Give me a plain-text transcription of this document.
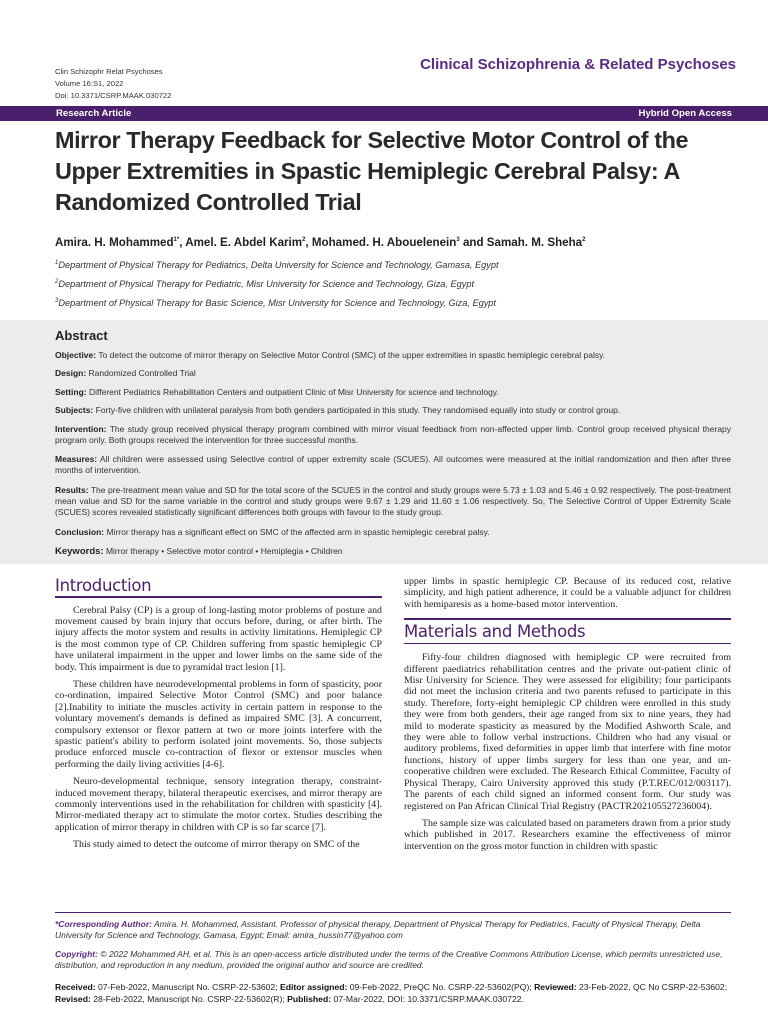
Clin Schizophr Relat Psychoses
Volume 16:S1, 2022
Doi: 10.3371/CSRP.MAAK.030722
Clinical Schizophrenia & Related Psychoses
Research Article	Hybrid Open Access
Mirror Therapy Feedback for Selective Motor Control of the Upper Extremities in Spastic Hemiplegic Cerebral Palsy: A Randomized Controlled Trial
Amira. H. Mohammed$^{1*}$, Amel. E. Abdel Karim$^2$, Mohamed. H. Abouelenein$^3$ and Samah. M. Sheha$^2$
$^1$Department of Physical Therapy for Pediatrics, Delta University for Science and Technology, Gamasa, Egypt
$^2$Department of Physical Therapy for Pediatric, Misr University for Science and Technology, Giza, Egypt
$^3$Department of Physical Therapy for Basic Science, Misr University for Science and Technology, Giza, Egypt
Abstract

Objective: To detect the outcome of mirror therapy on Selective Motor Control (SMC) of the upper extremities in spastic hemiplegic cerebral palsy.

Design: Randomized Controlled Trial

Setting: Different Pediatrics Rehabilitation Centers and outpatient Clinic of Misr University for science and technology.

Subjects: Forty-five children with unilateral paralysis from both genders participated in this study. They randomised equally into study or control group.

Intervention: The study group received physical therapy program combined with mirror visual feedback from non-affected upper limb. Control group received physical therapy program only. Both groups received the intervention for three successful months.

Measures: All children were assessed using Selective control of upper extremity scale (SCUES). All outcomes were measured at the initial randomization and then after three months of intervention.

Results: The pre-treatment mean value and SD for the total score of the SCUES in the control and study groups were 5.73 ± 1.03 and 5.46 ± 0.92 respectively. The post-treatment mean value and SD for the same variable in the control and study groups were 9.67 ± 1.29 and 11.60 ± 1.06 respectively. So, The Selective Control of Upper Extremity Scale (SCUES) scores revealed statistically significant differences both groups with favour to the study group.

Conclusion: Mirror therapy has a significant effect on SMC of the affected arm in spastic hemiplegic cerebral palsy.

Keywords: Mirror therapy • Selective motor control • Hemiplegia • Children

Introduction

Cerebral Palsy (CP) is a group of long-lasting motor problems of posture and movement caused by brain injury that occurs before, during, or after birth. The injury affects the motor system and results in activity limitations. Hemiplegic CP is the most common type of CP. Children suffering from spastic hemiplegic CP have unilateral impairment in the upper and lower limbs on the same side of the body. This impairment is due to pyramidal tract lesion [1].

These children have neurodevelopmental problems in form of spasticity, poor co-ordination, impaired Selective Motor Control (SMC) and poor balance [2].Inability to initiate the muscles activity in certain pattern in response to the voluntary movement's demands is defined as impaired SMC [3]. A concurrent, compulsory extensor or flexor pattern at two or more joints interfere with the spastic patient's ability to perform isolated joint movements. So, those subjects produce enforced muscle co-contraction of flexor or extensor muscles when performing the daily living activities [4-6].

Neuro-developmental technique, sensory integration therapy, constraint-induced movement therapy, bilateral therapeutic exercises, and mirror therapy are commonly interventions used in the rehabilitation for children with spasticity [4]. Mirror-mediated therapy act to stimulate the motor cortex. Studies describing the application of mirror therapy in children with CP is so far scarce [7].

This study aimed to detect the outcome of mirror therapy on SMC of the

upper limbs in spastic hemiplegic CP. Because of its reduced cost, relative simplicity, and high patient adherence, it could be a valuable adjunct for children with hemiparesis as a home-based motor intervention.

Materials and Methods

Fifty-four children diagnosed with hemiplegic CP were recruited from different paediatrics rehabilitation centres and the private out-patient clinic of Misr University for Science. They were assessed for eligibility; four participants did not meet the inclusion criteria and two parents refused to participate in this study. Therefore, forty-eight hemiplegic CP children were enrolled in this study they were from both genders, their age ranged from six to nine years, they had mild to moderate spasticity as measured by the Modified Ashworth Scale, and they were able to follow verbal instructions. Children who had any visual or auditory problems, fixed deformities in upper limb that interfere with fine motor functions, history of upper limbs surgery for less than one year, and un-cooperative children were excluded. The Research Ethical Committee, Faculty of Physical Therapy, Cairo University approved this study (P.T.REC/012/003117). The parents of each child signed an informed consent form. Our study was registered on Pan African Clinical Trial Registry (PACTR202105527236004).

The sample size was calculated based on parameters drawn from a prior study which published in 2017. Researchers examine the effectiveness of mirror intervention on the gross motor function in children with spastic

*Corresponding Author: Amira. H. Mohammed, Assistant. Professor of physical therapy, Department of Physical Therapy for Pediatrics, Faculty of Physical Therapy, Delta University for Science and Technology, Gamasa, Egypt; Email: amira_hussin77@yahoo.com

Copyright: © 2022 Mohammed AH, et al. This is an open-access article distributed under the terms of the Creative Commons Attribution License, which permits unrestricted use, distribution, and reproduction in any medium, provided the original author and source are credited.

Received: 07-Feb-2022, Manuscript No. CSRP-22-53602; Editor assigned: 09-Feb-2022, PreQC No. CSRP-22-53602(PQ); Reviewed: 23-Feb-2022, QC No CSRP-22-53602; Revised: 28-Feb-2022, Manuscript No. CSRP-22-53602(R); Published: 07-Mar-2022, DOI: 10.3371/CSRP.MAAK.030722.
